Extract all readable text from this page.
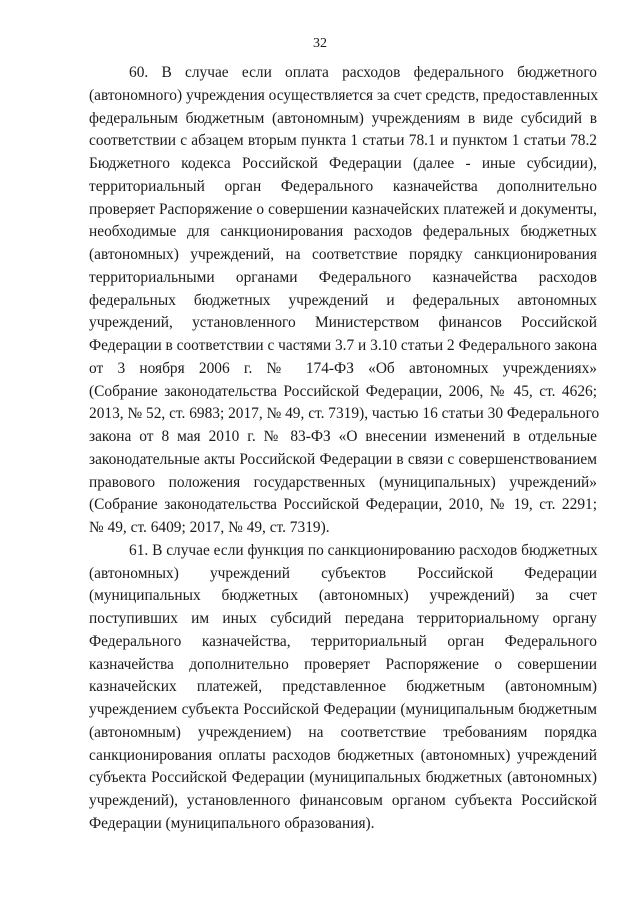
32
60. В случае если оплата расходов федерального бюджетного
(автономного) учреждения осуществляется за счет средств, предоставленных
федеральным бюджетным (автономным) учреждениям в виде субсидий в
соответствии с абзацем вторым пункта 1 статьи 78.1 и пунктом 1 статьи 78.2
Бюджетного кодекса Российской Федерации (далее - иные субсидии),
территориальный орган Федерального казначейства дополнительно
проверяет Распоряжение о совершении казначейских платежей и документы,
необходимые для санкционирования расходов федеральных бюджетных
(автономных) учреждений, на соответствие порядку санкционирования
территориальными органами Федерального казначейства расходов
федеральных бюджетных учреждений и федеральных автономных
учреждений, установленного Министерством финансов Российской
Федерации в соответствии с частями 3.7 и 3.10 статьи 2 Федерального закона
от 3 ноября 2006 г. № 174-ФЗ «Об автономных учреждениях»
(Собрание законодательства Российской Федерации, 2006, № 45, ст. 4626;
2013, № 52, ст. 6983; 2017, № 49, ст. 7319), частью 16 статьи 30 Федерального
закона от 8 мая 2010 г. № 83-ФЗ «О внесении изменений в отдельные
законодательные акты Российской Федерации в связи с совершенствованием
правового положения государственных (муниципальных) учреждений»
(Собрание законодательства Российской Федерации, 2010, № 19, ст. 2291;
№ 49, ст. 6409; 2017, № 49, ст. 7319).
61. В случае если функция по санкционированию расходов бюджетных
(автономных) учреждений субъектов Российской Федерации
(муниципальных бюджетных (автономных) учреждений) за счет
поступивших им иных субсидий передана территориальному органу
Федерального казначейства, территориальный орган Федерального
казначейства дополнительно проверяет Распоряжение о совершении
казначейских платежей, представленное бюджетным (автономным)
учреждением субъекта Российской Федерации (муниципальным бюджетным
(автономным) учреждением) на соответствие требованиям порядка
санкционирования оплаты расходов бюджетных (автономных) учреждений
субъекта Российской Федерации (муниципальных бюджетных (автономных)
учреждений), установленного финансовым органом субъекта Российской
Федерации (муниципального образования).
